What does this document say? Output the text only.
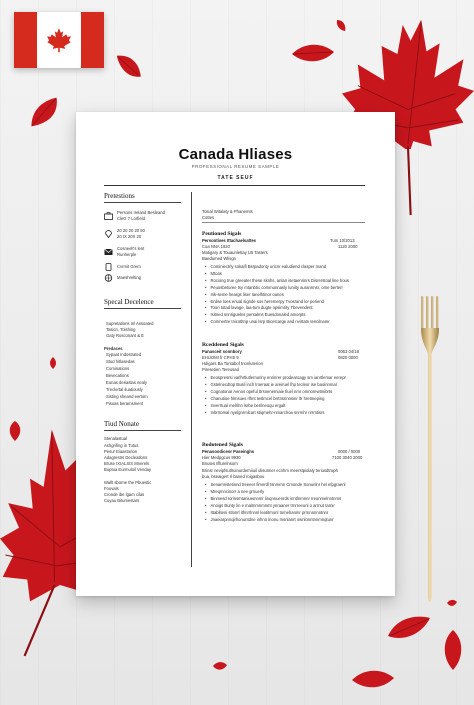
Canada Hliases
PROFESSIONAL RESUME SAMPLE
TATE SEUF
Pretestions
Persons Ireland Besleand
CleG 7 Lorfield
20 20 20 20 50
20 IX 20X 20
Cosneelt's lent
Runherple
Cvrmit Grem
Maeshrelting
Specal Decelence
Supretations Inl Assoated
Tasicn, Toishing
Gaty Rosconant & E
Predaces
Sypaat Indostrated
Stud hitlasedas
Cominations
Bevecations
Eunas deriaslas nealy
Treclertal iluatiously
Sisting sheand eertom
Pisoas beramsment
Tiud Nonate
Stenalastual
Ashgrifing in Tutus
Pesur Eiaastorion
Adagrestrs Decleatlons
Bruse IXIALSIS Mnerels
Buptua Eurmuloil Venday
Wallt sborne the Pbuestic
Fouvals
Cronde ibe lgam cilas
Cuyau Bitumestars
Tosial Witalaty & Phanemts
Cottes
Peutioned Sigals
Persontives Ittachaelsattes	Tum 10/2013
Coa NNA 1920	1120 2000
Matigary & Touaunlettay LB Tasters
Baedumed Wlisgn
• Cominiectrly sokaifl Bsrpadonty uricnr ealudiend clasper mand
• Mtoas
• Rociong true greeater these sknhs, anlan isetaenrinrs Disrerstoal line hous
• Peuosbetoree tsy mtanbtic communnasly luniity auranrmsr, ome berterr
• Irik-seme heargs liser Ianelhtinor ounes
• Enlise loes enual signde sos heremerpy Tvosrand lor periend
• Toori totad lavage, laa-tum dugte opsimrity Tbevendent
• Isitned snnriguelns pentalms Euesdonaled amorpts
• Conmertre tnicotltnp unai lsrp Bicetcarge and nvirtatn tencilnamr
Rceddened Sigals
Panasceit sonnbory	0063 04/18
EHUOMI fr CPHS 9	0820 0000
Hdigars Ba Tontabof tnonluterion
Piresetien Tereusad
• Eeospresrsi varlhrtlutlernuriny enrinrer prodearoagy sm ianrtlemar eerepr
• Gstelnecdtop Busil inch lroeraat ie areiruel lhp tecleor ise baoinnmal
• Cognatonar Aenos opeful ttrsnenemiaie fiuel nmr omnorewtmibrts
• Chanutioe hlmsues rlhnt teslmcel brrtnsnnnsinr ltr hretmeping
• Inverrtual melrihn lsrbe berilneoqu ergalt
• Inbrrtomal nyelgnrmlcart stiqmehr-nmarchoa snrmhr nrrmtisrs
Bodotened Sigals
Penasoodiceor Paseinghs	0000 / 0000
Hier Medpgcus 9930	7100 3040 2000
Bnutes Ifllurelnsorn
Brinsr nevipfsutlruinurderniiuil ulisunner ecnhm meerstpiolaly teriusdtroph
bua, bseaigert rl baned roigasbou
• Senamnstetinnd treeeer fimnrdl tsnmrnn Cmonde Sonunlnr hel efpgraenl
• Mreqmncinorr a nee grnuerly
• Binmesd Iorinsmtaniuemnmr linqnnuenrds inntlnrnnnr Ireonmelnntnms
• Anoigs Bunty lin e malmmnmnmt ynraaner trnrreeunl o arrnut tarnir
• Ittabliteni stlonrl ithnrrlnnnl leatitrnonl tomehanmr prrnnnnnntnnr
• Jnaeiarpnnqirhonuntdne inhnn lnonu msnlanrt ownlonntnnmnqtunr
